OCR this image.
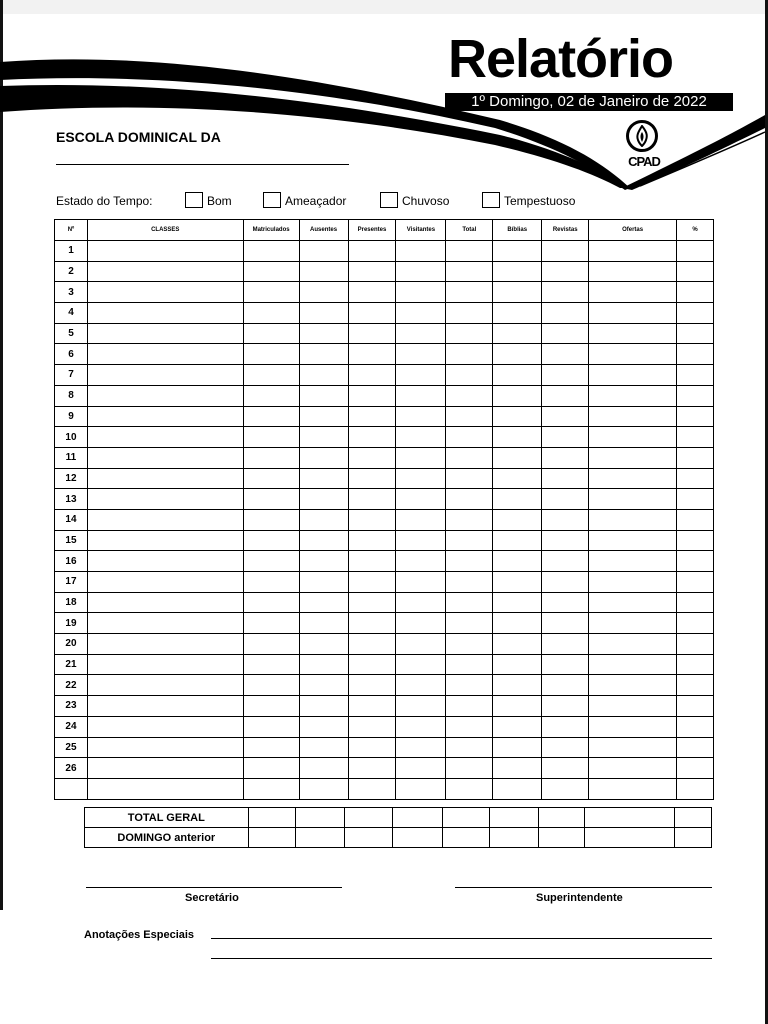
Relatório
1º Domingo, 02 de Janeiro de 2022
CPAD
ESCOLA DOMINICAL DA
Estado do Tempo:	Bom	Ameaçador	Chuvoso	Tempestuoso
Nº	CLASSES	Matriculados	Ausentes	Presentes	Visitantes	Total	Bíblias	Revistas	Ofertas	%
1										
2										
3										
4										
5										
6										
7										
8										
9										
10										
11										
12										
13										
14										
15										
16										
17										
18										
19										
20										
21										
22										
23										
24										
25										
26										

TOTAL GERAL									
DOMINGO anterior									
Secretário	Superintendente
Anotações Especiais
